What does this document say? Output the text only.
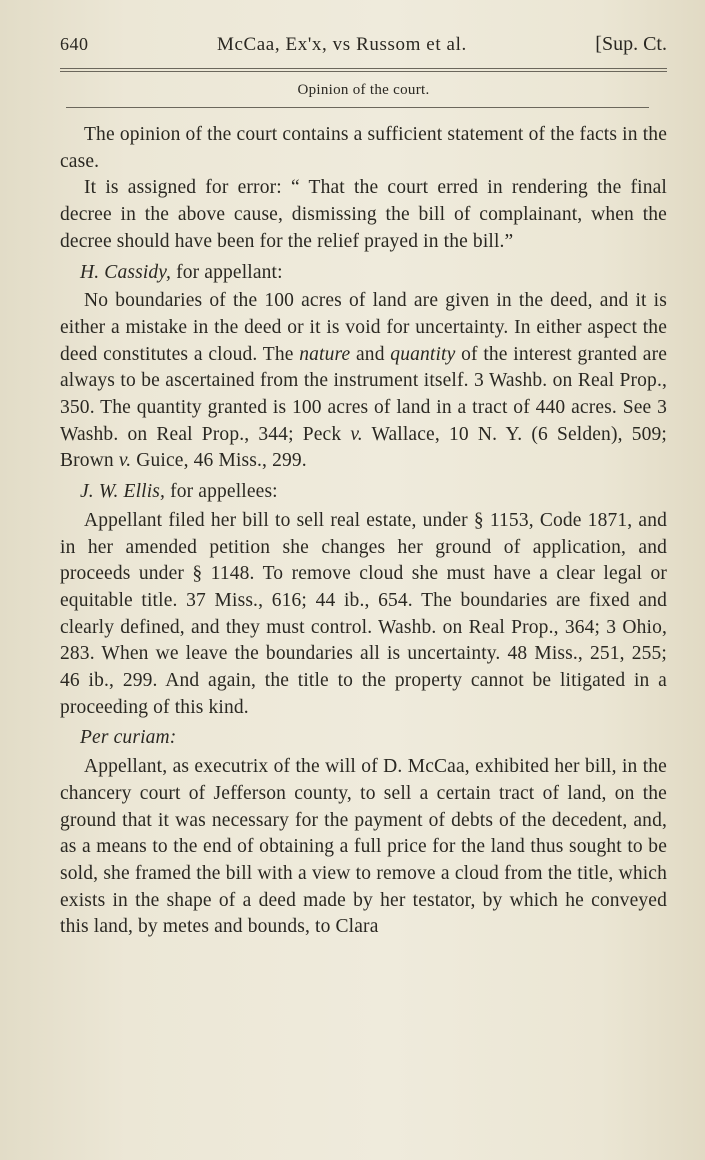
640	McCaa, Ex'x, vs Russom et al.	[Sup. Ct.
Opinion of the court.

The opinion of the court contains a sufficient statement of the facts in the case.

It is assigned for error: “ That the court erred in rendering the final decree in the above cause, dismissing the bill of complainant, when the decree should have been for the relief prayed in the bill.”

H. Cassidy, for appellant:

No boundaries of the 100 acres of land are given in the deed, and it is either a mistake in the deed or it is void for uncertainty. In either aspect the deed constitutes a cloud. The nature and quantity of the interest granted are always to be ascertained from the instrument itself. 3 Washb. on Real Prop., 350. The quantity granted is 100 acres of land in a tract of 440 acres. See 3 Washb. on Real Prop., 344; Peck v. Wallace, 10 N. Y. (6 Selden), 509; Brown v. Guice, 46 Miss., 299.

J. W. Ellis, for appellees:

Appellant filed her bill to sell real estate, under § 1153, Code 1871, and in her amended petition she changes her ground of application, and proceeds under § 1148. To remove cloud she must have a clear legal or equitable title. 37 Miss., 616; 44 ib., 654. The boundaries are fixed and clearly defined, and they must control. Washb. on Real Prop., 364; 3 Ohio, 283. When we leave the boundaries all is uncertainty. 48 Miss., 251, 255; 46 ib., 299. And again, the title to the property cannot be litigated in a proceeding of this kind.

Per curiam:

Appellant, as executrix of the will of D. McCaa, exhibited her bill, in the chancery court of Jefferson county, to sell a certain tract of land, on the ground that it was necessary for the payment of debts of the decedent, and, as a means to the end of obtaining a full price for the land thus sought to be sold, she framed the bill with a view to remove a cloud from the title, which exists in the shape of a deed made by her testator, by which he conveyed this land, by metes and bounds, to Clara
